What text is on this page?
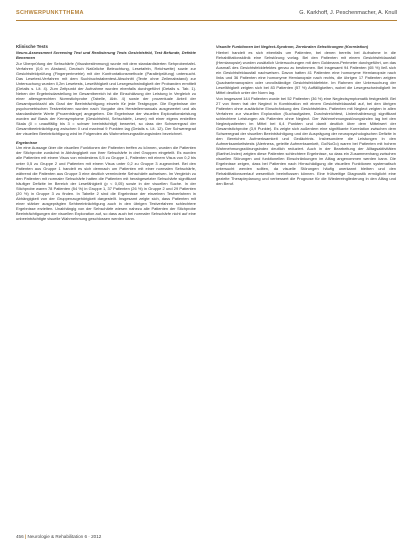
SCHWERPUNKTTHEMA	G. Karkhoff, J. Peschenmacher, A. Knull
Klinische Tests
Neuro-Assessment Screening Test und Realisierung Tests Gesichtsfeld, Test Befunde, Defekte Benennen

Zur Überprüfung der Sehschärfe (Visusbestimmung) wurde mit dem standardisierten Sehprobentafel-Verfahren (0,6 m Abstand, Deutsch Natürliche Beleuchtung, Lesetafeln, Reichweite) sowie zur Gesichtsfeldprüfung (Fingerperimetrie) mit der Konfrontationsmethode (Parallelprüfung) untersucht. Das Lesetest-Verfahren mit dem Suchbuchstabentest-Abschnitt (Texte ohne Zeilenabstand) zur Untersuchung wurden 0,2m Lesetests, Lesefähigkeit und Lesegeschwindigkeit der Probanden ermittelt (Details s. Lit. 4). Zum Zeitpunkt der Aufnahme wurden ebenfalls durchgeführt (Details s. Tab. 1). Neben der Ergebnisdarstellung im Gesamtbereich ist die Einschätzung der Leistung in Vergleich zu einer altersgerechten Normstichprobe (Tabelle, Abb. 4) sowie der prozentuale Anteil der Gesamtpunktzahl als Grad der Beeinträchtigung einzeln für jede Testgruppe. Die Ergebnisse der psychometrischen Testverfahren wurden nach Vorgabe des Herstellermanuals ausgewertet und als standardisierte Werte (Prozentränge) angegeben. Die Ergebnisse der visuellen Explorationsleistung wurden auf Basis der Kernsymptome (Gesichtsfeld, Sehschärfe, Lesen) mit einer eigens erstellten Skala (0 = unauffällig bis 3 = schwer beeinträchtigt) bewertet, so dass der Schweregrad der Gesamtbeeinträchtigung zwischen 0 und maximal 9 Punkten lag (Details s. Lit. 12). Der Schweregrad der visuellen Beeinträchtigung wird im Folgenden als Wahrnehmungsstörungsindex bezeichnet.

Ergebnisse

Um eine Aussage über die visuellen Funktionen der Patienten treffen zu können, wurden die Patienten der Stichprobe zunächst in Abhängigkeit von ihrer Sehschärfe in drei Gruppen eingeteilt. Es wurden alle Patienten mit einem Visus von mindestens 0,5 zu Gruppe 1, Patienten mit einem Visus von 0,2 bis unter 0,5 zu Gruppe 2 und Patienten mit einem Visus unter 0,2 zu Gruppe 3 zugeordnet. Bei den Patienten aus Gruppe 1 handelt es sich demnach um Patienten mit einer normalen Sehschärfe, während die Patienten aus Gruppe 3 eine deutlich verminderte Sehschärfe aufweisen. Im Vergleich zu den Patienten mit normaler Sehschärfe hatten die Patienten mit herabgesetzter Sehschärfe signifikant häufiger Defizite im Bereich der Lesefähigkeit (p < 0,05) sowie in der visuellen Suche. In der Stichprobe waren 78 Patienten (54 %) in Gruppe 1, 37 Patienten (26 %) in Gruppe 2 und 29 Patienten (20 %) in Gruppe 3 zu finden. In Tabelle 2 sind die Ergebnisse der einzelnen Testverfahren in Abhängigkeit von der Gruppenzugehörigkeit dargestellt. Insgesamt zeigte sich, dass Patienten mit einer stärker ausgeprägten Sehbeeinträchtigung auch in den übrigen Testverfahren schlechtere Ergebnisse erzielten. Unabhängig von der Sehschärfe wiesen nahezu alle Patienten der Stichprobe Beeinträchtigungen der visuellen Exploration auf, so dass auch bei normaler Sehschärfe nicht auf eine unbeeinträchtigte visuelle Wahrnehmung geschlossen werden kann.

Visuelle Funktionen bei Neglect-Syndrom, Zerebralen Sehstörungen (Korrelation)

Hierbei handelt es sich ebenfalls um Patienten, bei denen bereits bei Aufnahme in die Rehabilitationsklinik eine Sehstörung vorlag. Bei den Patienten mit einem Gesichtsfeldausfall (Hemianopsie) wurden zusätzlich Untersuchungen mit dem Goldmann-Perimeter durchgeführt, um das Ausmaß des Gesichtsfelddefektes genau zu bestimmen. Bei insgesamt 94 Patienten (65 %) ließ sich ein Gesichtsfeldausfall nachweisen. Davon hatten 41 Patienten eine homonyme Hemianopsie nach links und 36 Patienten eine homonyme Hemianopsie nach rechts, die übrigen 17 Patienten zeigten Quadrantenanopsien oder unvollständige Gesichtsfelddefekte. Im Rahmen der Untersuchung der Lesefähigkeit zeigten sich bei 83 Patienten (57 %) Auffälligkeiten, wobei die Lesegeschwindigkeit im Mittel deutlich unter der Norm lag.

Von insgesamt 144 Patienten wurde bei 52 Patienten (36 %) eine Neglectsymptomatik festgestellt. Bei 27 von ihnen trat der Neglect in Kombination mit einem Gesichtsfeldausfall auf, bei den übrigen Patienten ohne zusätzliche Einschränkung des Gesichtsfeldes. Patienten mit Neglect zeigten in allen Verfahren zur visuellen Exploration (Suchaufgaben, Durchstreichtest, Linienhalbierung) signifikant schlechtere Leistungen als Patienten ohne Neglect. Der Wahrnehmungsstörungsindex lag bei den Neglectpatienten im Mittel bei 6,4 Punkten und damit deutlich über dem Mittelwert der Gesamtstichprobe (3,9 Punkte). Es zeigte sich außerdem eine signifikante Korrelation zwischen dem Schweregrad der visuellen Beeinträchtigung und der Ausprägung der neuropsychologischen Defizite in den Bereichen Aufmerksamkeit und Gedächtnis. Insbesondere die Leistungen in den Aufmerksamkeitstests (Alertness, geteilte Aufmerksamkeit, Go/NoGo) waren bei Patienten mit hohem Wahrnehmungsstörungsindex deutlich reduziert. Auch in der Bearbeitung der Alltagsaktivitäten (Barthel-Index) zeigten diese Patienten schlechtere Ergebnisse, so dass ein Zusammenhang zwischen visuellen Störungen und funktionellen Einschränkungen im Alltag angenommen werden kann. Die Ergebnisse zeigen, dass bei Patienten nach Hirnschädigung die visuellen Funktionen systematisch untersucht werden sollten, da visuelle Störungen häufig unerkannt bleiben und den Rehabilitationsverlauf wesentlich beeinflussen können. Eine frühzeitige Diagnostik ermöglicht eine gezielte Therapieplanung und verbessert die Prognose für die Wiedereingliederung in den Alltag und den Beruf.

456 | Neurologie & Rehabilitation 6 · 2012
